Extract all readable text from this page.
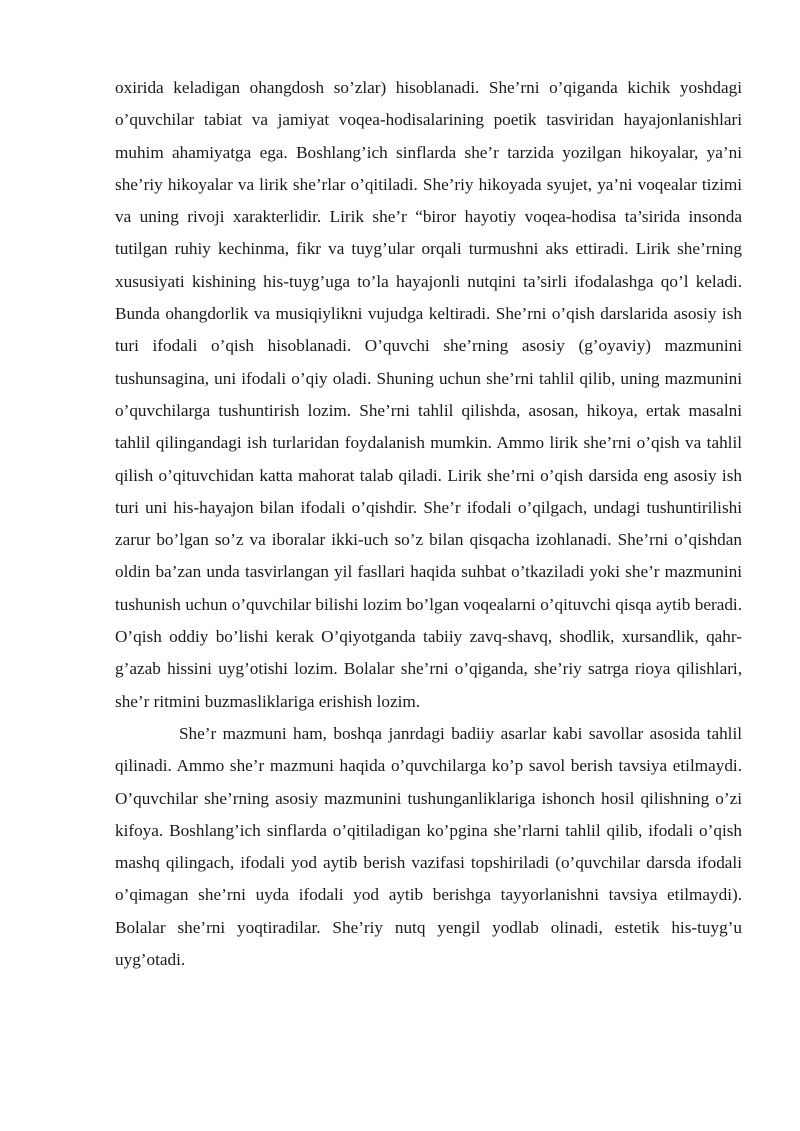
oxirida keladigan ohangdosh so’zlar) hisoblanadi. She’rni o’qiganda kichik yoshdagi o’quvchilar tabiat va jamiyat voqea-hodisalarining poetik tasviridan hayajonlanishlari muhim ahamiyatga ega. Boshlang’ich sinflarda she’r tarzida yozilgan hikoyalar, ya’ni she’riy hikoyalar va lirik she’rlar o’qitiladi. She’riy hikoyada syujet, ya’ni voqealar tizimi va uning rivoji xarakterlidir. Lirik she’r “biror hayotiy voqea-hodisa ta’sirida insonda tutilgan ruhiy kechinma, fikr va tuyg’ular orqali turmushni aks ettiradi. Lirik she’rning xususiyati kishining his-tuyg’uga to’la hayajonli nutqini ta’sirli ifodalashga qo’l keladi. Bunda ohangdorlik va musiqiylikni vujudga keltiradi. She’rni o’qish darslarida asosiy ish turi ifodali o’qish hisoblanadi. O’quvchi she’rning asosiy (g’oyaviy) mazmunini tushunsagina, uni ifodali o’qiy oladi. Shuning uchun she’rni tahlil qilib, uning mazmunini o’quvchilarga tushuntirish lozim. She’rni tahlil qilishda, asosan, hikoya, ertak masalni tahlil qilingandagi ish turlaridan foydalanish mumkin. Ammo lirik she’rni o’qish va tahlil qilish o’qituvchidan katta mahorat talab qiladi. Lirik she’rni o’qish darsida eng asosiy ish turi uni his-hayajon bilan ifodali o’qishdir. She’r ifodali o’qilgach, undagi tushuntirilishi zarur bo’lgan so’z va iboralar ikki-uch so’z bilan qisqacha izohlanadi. She’rni o’qishdan oldin ba’zan unda tasvirlangan yil fasllari haqida suhbat o’tkaziladi yoki she’r mazmunini tushunish uchun o’quvchilar bilishi lozim bo’lgan voqealarni o’qituvchi qisqa aytib beradi. O’qish oddiy bo’lishi kerak O’qiyotganda tabiiy zavq-shavq, shodlik, xursandlik, qahr-g’azab hissini uyg’otishi lozim. Bolalar she’rni o’qiganda, she’riy satrga rioya qilishlari, she’r ritmini buzmasliklariga erishish lozim.

She’r mazmuni ham, boshqa janrdagi badiiy asarlar kabi savollar asosida tahlil qilinadi. Ammo she’r mazmuni haqida o’quvchilarga ko’p savol berish tavsiya etilmaydi. O’quvchilar she’rning asosiy mazmunini tushunganliklariga ishonch hosil qilishning o’zi kifoya. Boshlang’ich sinflarda o’qitiladigan ko’pgina she’rlarni tahlil qilib, ifodali o’qish mashq qilingach, ifodali yod aytib berish vazifasi topshiriladi (o’quvchilar darsda ifodali o’qimagan she’rni uyda ifodali yod aytib berishga tayyorlanishni tavsiya etilmaydi). Bolalar she’rni yoqtiradilar. She’riy nutq yengil yodlab olinadi, estetik his-tuyg’u uyg’otadi.
